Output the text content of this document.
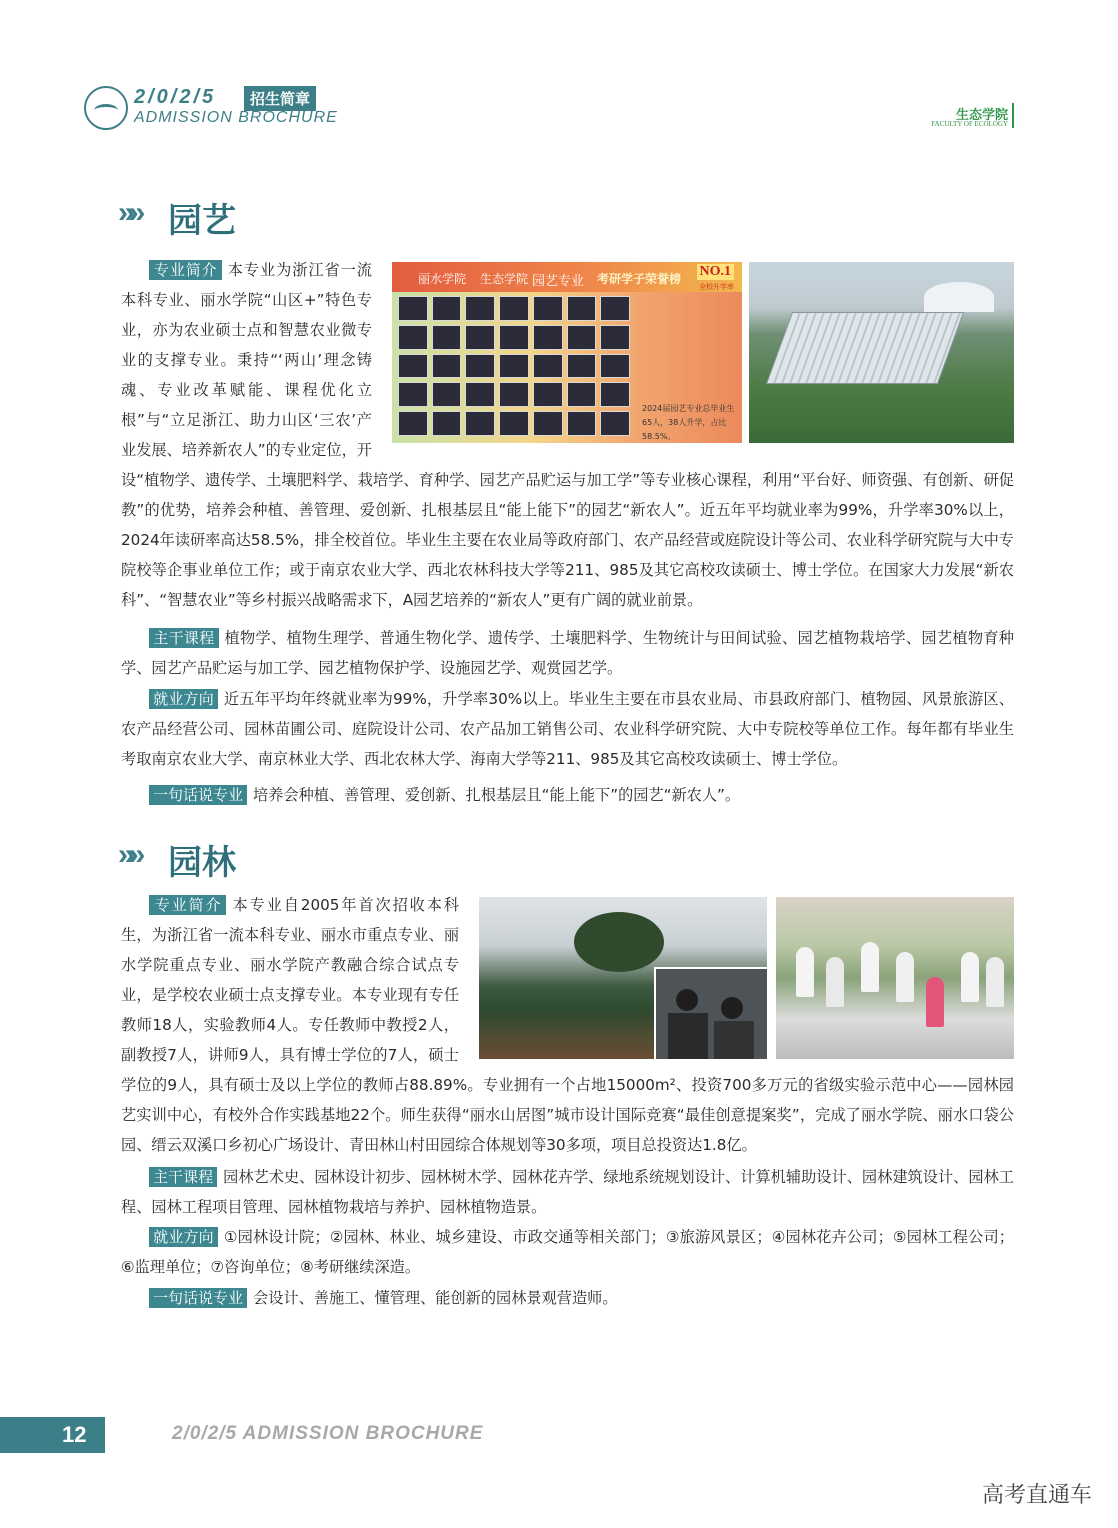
2/0/2/5	招生简章
ADMISSION BROCHURE	生态学院
FACULTY OF ECOLOGY
»» 园艺
专业简介 本专业为浙江省一流本科专业、丽水学院“山区+”特色专业，亦为农业硕士点和智慧农业微专业的支撑专业。秉持“‘两山’理念铸魂、专业改革赋能、课程优化立根”与“立足浙江、助力山区‘三农’产业发展、培养新农人”的专业定位，开设“植物学、遗传学、土壤肥料学、栽培学、育种学、园艺产品贮运与加工学”等专业核心课程，利用“平台好、师资强、有创新、研促教”的优势，培养会种植、善管理、爱创新、扎根基层且“能上能下”的园艺“新农人”。近五年平均就业率为99%，升学率30%以上，2024年读研率高达58.5%，排全校首位。毕业生主要在农业局等政府部门、农产品经营或庭院设计等公司、农业科学研究院与大中专院校等企事业单位工作；或于南京农业大学、西北农林科技大学等211、985及其它高校攻读硕士、博士学位。在国家大力发展“新农科”、“智慧农业”等乡村振兴战略需求下，A园艺培养的“新农人”更有广阔的就业前景。
主干课程 植物学、植物生理学、普通生物化学、遗传学、土壤肥料学、生物统计与田间试验、园艺植物栽培学、园艺植物育种学、园艺产品贮运与加工学、园艺植物保护学、设施园艺学、观赏园艺学。
就业方向 近五年平均年终就业率为99%，升学率30%以上。毕业生主要在市县农业局、市县政府部门、植物园、风景旅游区、农产品经营公司、园林苗圃公司、庭院设计公司、农产品加工销售公司、农业科学研究院、大中专院校等单位工作。每年都有毕业生考取南京农业大学、南京林业大学、西北农林大学、海南大学等211、985及其它高校攻读硕士、博士学位。
一句话说专业 培养会种植、善管理、爱创新、扎根基层且“能上能下”的园艺“新农人”。
丽水学院 生态学院 园艺专业 考研学子荣誉榜 NO.1
全校升学率
2024届园艺专业总毕业生65人，38人升学，占比58.5%。
»» 园林
专业简介 本专业自2005年首次招收本科生，为浙江省一流本科专业、丽水市重点专业、丽水学院重点专业、丽水学院产教融合综合试点专业，是学校农业硕士点支撑专业。本专业现有专任教师18人，实验教师4人。专任教师中教授2人，副教授7人，讲师9人，具有博士学位的7人，硕士学位的9人，具有硕士及以上学位的教师占88.89%。专业拥有一个占地15000m²、投资700多万元的省级实验示范中心——园林园艺实训中心，有校外合作实践基地22个。师生获得“丽水山居图”城市设计国际竞赛“最佳创意提案奖”，完成了丽水学院、丽水口袋公园、缙云双溪口乡初心广场设计、青田林山村田园综合体规划等30多项，项目总投资达1.8亿。
主干课程 园林艺术史、园林设计初步、园林树木学、园林花卉学、绿地系统规划设计、计算机辅助设计、园林建筑设计、园林工程、园林工程项目管理、园林植物栽培与养护、园林植物造景。
就业方向 ①园林设计院；②园林、林业、城乡建设、市政交通等相关部门；③旅游风景区；④园林花卉公司；⑤园林工程公司；⑥监理单位；⑦咨询单位；⑧考研继续深造。
一句话说专业 会设计、善施工、懂管理、能创新的园林景观营造师。
12	2/0/2/5 ADMISSION BROCHURE
高考直通车
